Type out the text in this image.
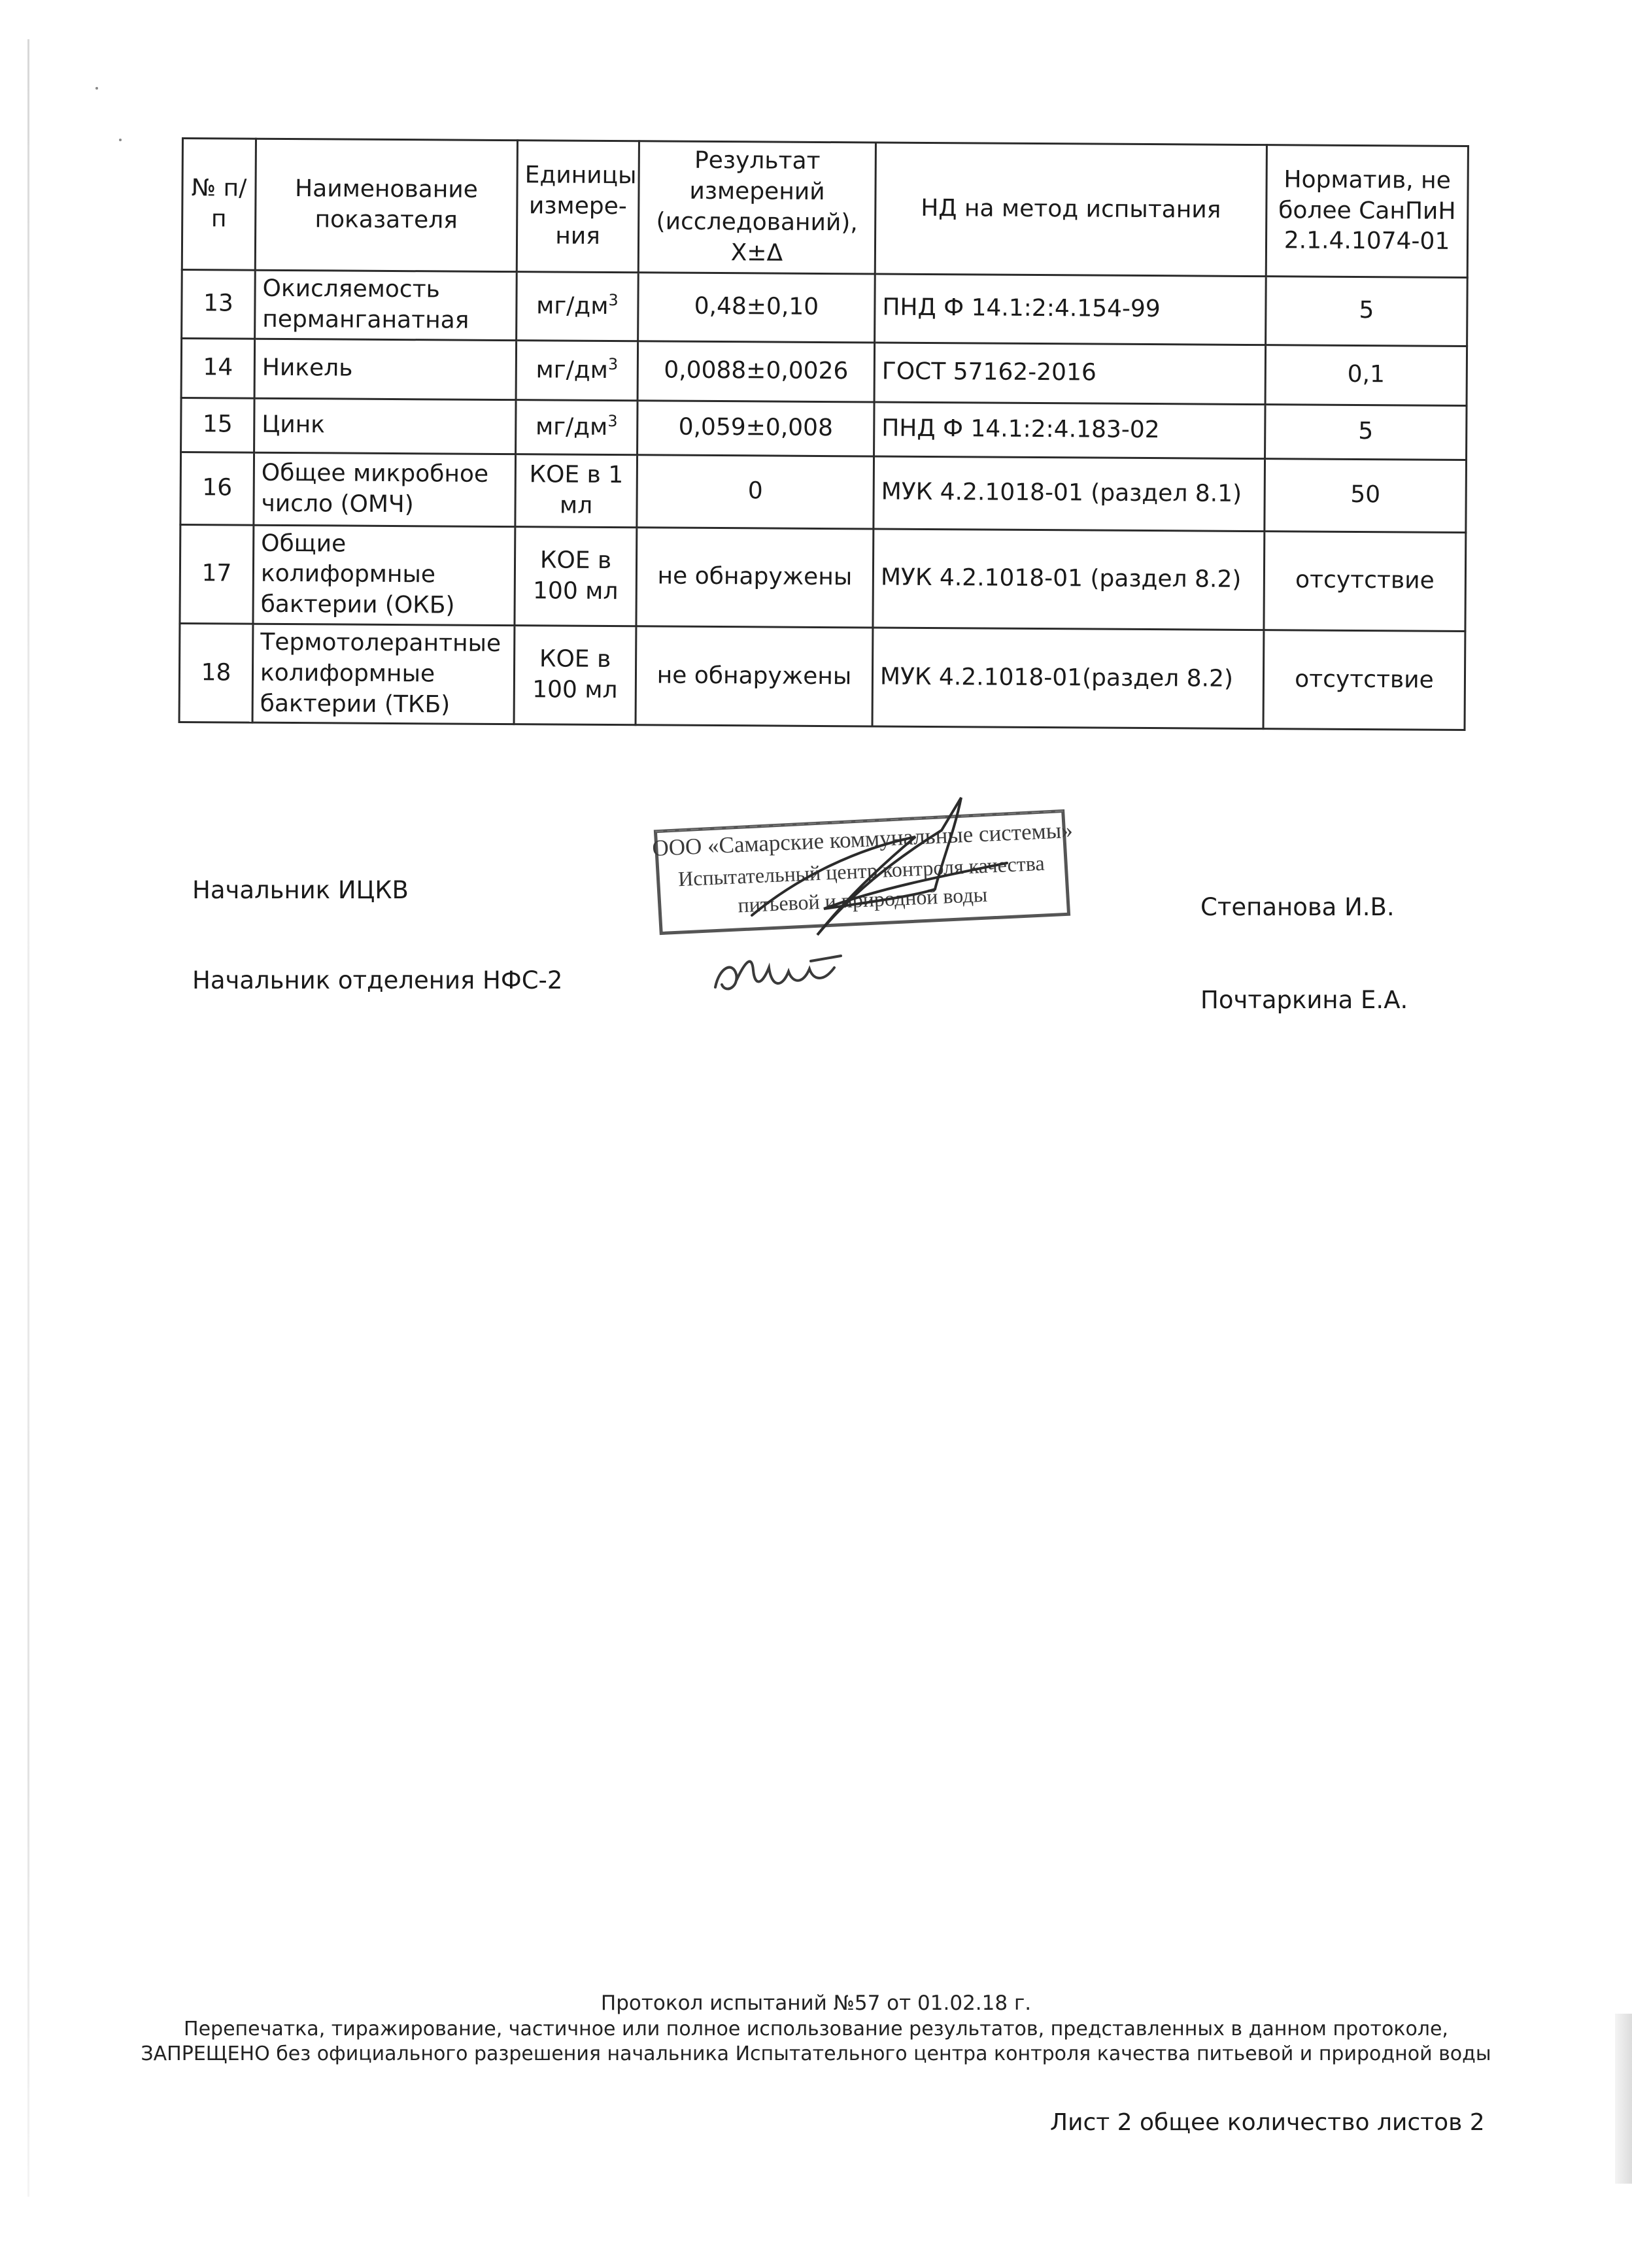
№ п/п	Наименование показателя	Единицы измере-ния	Результат измерений (исследований), Х±Δ	НД на метод испытания	Норматив, не более СанПиН 2.1.4.1074-01
13	Окисляемость перманганатная	$мг/дм^3$	0,48±0,10	ПНД Ф 14.1:2:4.154-99	5
14	Никель	$мг/дм^3$	0,0088±0,0026	ГОСТ 57162-2016	0,1
15	Цинк	$мг/дм^3$	0,059±0,008	ПНД Ф 14.1:2:4.183-02	5
16	Общее микробное число (ОМЧ)	КОЕ в 1 мл	0	МУК 4.2.1018-01 (раздел 8.1)	50
17	Общие колиформные бактерии (ОКБ)	КОЕ в 100 мл	не обнаружены	МУК 4.2.1018-01 (раздел 8.2)	отсутствие
18	Термотолерантные колиформные бактерии (ТКБ)	КОЕ в 100 мл	не обнаружены	МУК 4.2.1018-01(раздел 8.2)	отсутствие
Начальник ИЦКВ
Степанова И.В.
Начальник отделения НФС-2
Почтаркина Е.А.
ООО «Самарские коммунальные системы»
Испытательный центр контроля качества
питьевой и природной воды
Протокол испытаний №57 от 01.02.18 г.
Перепечатка, тиражирование, частичное или полное использование результатов, представленных в данном протоколе,
ЗАПРЕЩЕНО без официального разрешения начальника Испытательного центра контроля качества питьевой и природной воды
Лист 2 общее количество листов 2
